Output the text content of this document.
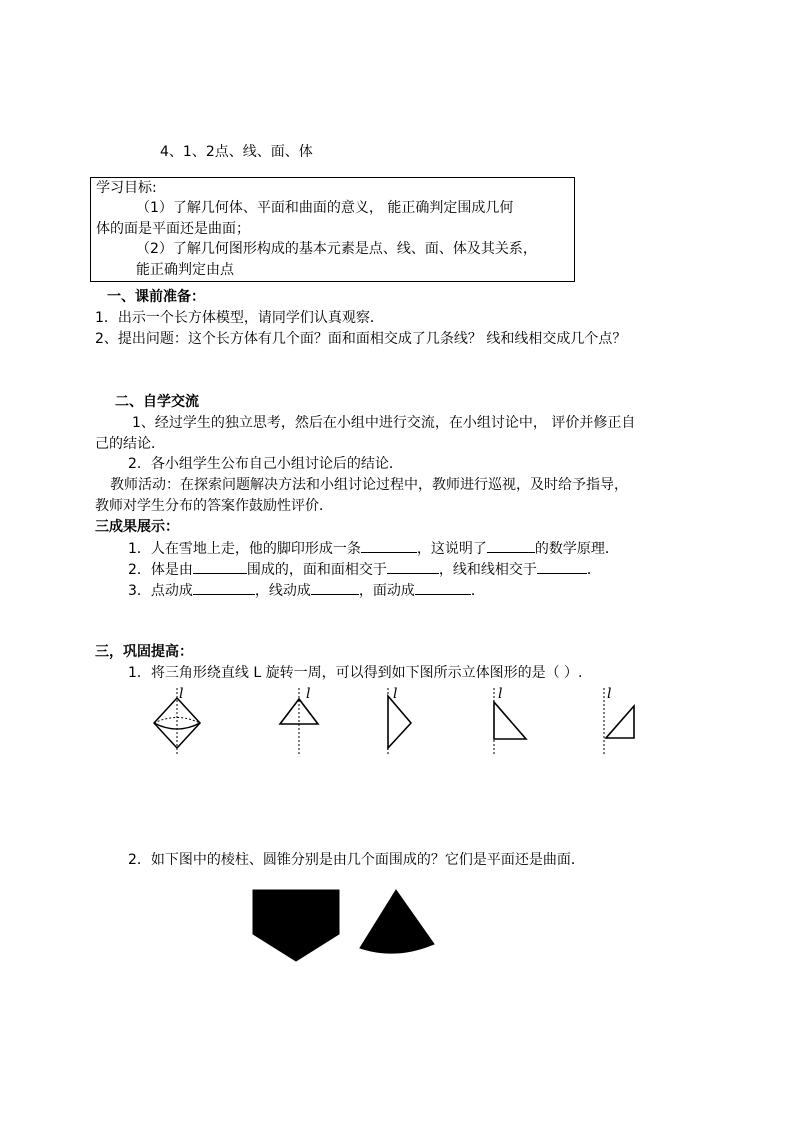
4、1、2点、线、面、体
学习目标:
（1）了解几何体、平面和曲面的意义， 能正确判定围成几何
体的面是平面还是曲面；
（2）了解几何图形构成的基本元素是点、线、面、体及其关系，
能正确判定由点
一、课前准备：
1．出示一个长方体模型，请同学们认真观察．
2、提出问题：这个长方体有几个面？面和面相交成了几条线？ 线和线相交成几个点？
二、自学交流
1、经过学生的独立思考，然后在小组中进行交流，在小组讨论中， 评价并修正自
己的结论．
2．各小组学生公布自己小组讨论后的结论．
教师活动：在探索问题解决方法和小组讨论过程中，教师进行巡视，及时给予指导，
教师对学生分布的答案作鼓励性评价．
三成果展示：
1．人在雪地上走，他的脚印形成一条	，这说明了	的数学原理．
2．体是由	围成的，面和面相交于	，线和线相交于	．
3．点动成	，线动成	，面动成	．
三，巩固提高：
1．将三角形绕直线 L 旋转一周，可以得到如下图所示立体图形的是（ ）.
l	l	l	l	l
2．如下图中的棱柱、圆锥分别是由几个面围成的？它们是平面还是曲面．
